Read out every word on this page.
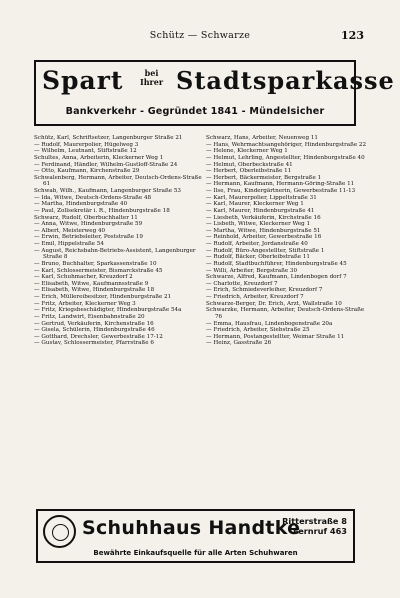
Schütz — Schwarze	123
Spart	bei
Ihrer Stadtsparkasse
Bankverkehr - Gegründet 1841 - Mündelsicher
Schütz, Karl, Schriftsetzer, Langenburger Straße 21
— Rudolf, Maurerpolier, Hügelweg 3
— Wilhelm, Leutnant, Stiftstraße 12
Schultes, Anna, Arbeiterin, Kleckerner Weg 1
— Ferdinand, Händler, Wilhelm-Gustloff-Straße 24
— Otto, Kaufmann, Kirchenstraße 29
Schwalenberg, Hermann, Arbeiter, Deutsch-Ordens-Straße 61
Schwab, Wilh., Kaufmann, Langenburger Straße 53
— Ida, Witwe, Deutsch-Ordens-Straße 48
— Martha, Hindenburgstraße 40
— Paul, Zollsekretär i. R., Hindenburgstraße 18
Schwarz, Rudolf, Oberbuchhalter 11
— Anna, Witwe, Hindenburgstraße 59
— Albert, Meisterweg 40
— Erwin, Betriebsleiter, Poststraße 19
— Emil, Hippelstraße 54
— August, Reichsbahn-Betriebs-Assistent, Langenburger Straße 8
— Bruno, Buchhalter, Sparkassenstraße 10
— Karl, Schlossermeister, Bismarckstraße 45
— Karl, Schuhmacher, Kreuzdorf 2
— Elisabeth, Witwe, Kaufmannsstraße 9
— Elisabeth, Witwe, Hindenburgstraße 18
— Erich, Müllereibesitzer, Hindenburgstraße 21
— Fritz, Arbeiter, Kleckerner Weg 3
— Fritz, Kriegsbeschädigter, Hindenburgstraße 54a
— Fritz, Landwirt, Eisenbahnstraße 20
— Gertrud, Verkäuferin, Kirchenstraße 16
— Gisela, Schülerin, Hindenburgstraße 46
— Gotthard, Drechsler, Gewerbestraße 17-12
— Gustav, Schlossermeister, Pfarrstraße 6
Schwarz, Hans, Arbeiter, Neuenweg 11
— Hans, Wehrmachtsangehöriger, Hindenburgstraße 22
— Helene, Kleckerner Weg 1
— Helmut, Lehrling, Angestellter, Hindenburgstraße 40
— Helmut, Oberbeckstraße 41
— Herbert, Oberleibstraße 11
— Herbert, Bäckermeister, Bergstraße 1
— Hermann, Kaufmann, Hermann-Göring-Straße 11
— Ilse, Frau, Kindergärtnerin, Gewerbestraße 11-13
— Karl, Maurerpolier, Lippeltstraße 31
— Karl, Maurer, Kleckerner Weg 1
— Karl, Maurer, Hindenburgstraße 41
— Liesbeth, Verkäuferin, Kirchstraße 16
— Lisbeth, Witwe, Kleckerner Weg 1
— Martha, Witwe, Hindenburgstraße 51
— Reinhold, Arbeiter, Gewerbestraße 16
— Rudolf, Arbeiter, Jordanstraße 40
— Rudolf, Büro-Angestellter, Stiftstraße 1
— Rudolf, Bäcker, Oberleibstraße 11
— Rudolf, Stadtbuchführer, Hindenburgstraße 45
— Willi, Arbeiter, Bergstraße 30
Schwarze, Alfred, Kaufmann, Lindenbogen dorf 7
— Charlotte, Kreuzdorf 7
— Erich, Schmiedeverleiher, Kreuzdorf 7
— Friedrich, Arbeiter, Kreuzdorf 7
Schwarze-Berger, Dr. Erich, Arzt, Wallstraße 10
Schwarzke, Hermann, Arbeiter, Deutsch-Ordens-Straße 76
— Emma, Hausfrau, Lindenbogenstraße 20a
— Friedrich, Arbeiter, Siebstraße 25
— Hermann, Postangestellter, Weimar Straße 11
— Heinz, Gasstraße 26
Schuhhaus Handtke
Ritterstraße 8
Fernruf 463
Bewährte Einkaufsquelle für alle Arten Schuhwaren
